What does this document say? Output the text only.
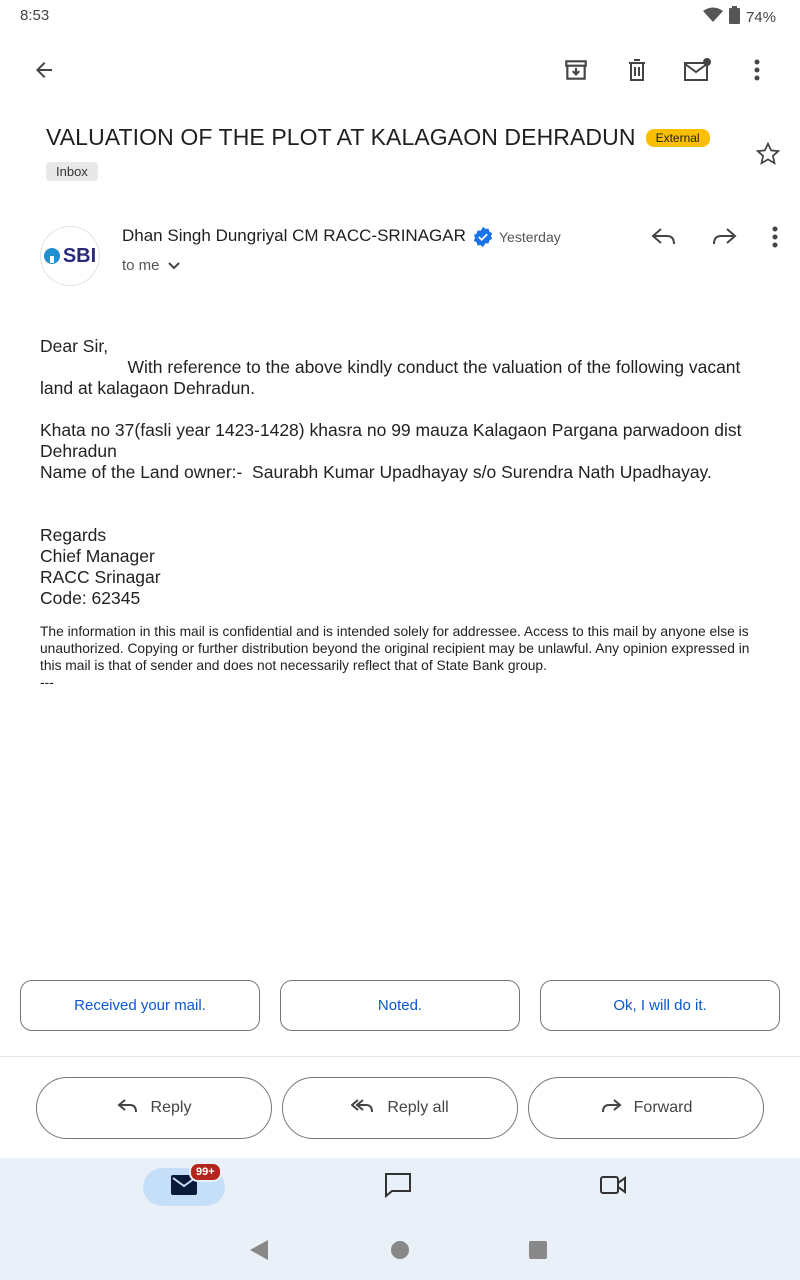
8:53	74%
VALUATION OF THE PLOT AT KALAGAON DEHRADUN	External
Inbox
SBI
Dhan Singh Dungriyal CM RACC-SRINAGAR Yesterday
to me

Dear Sir,

With reference to the above kindly conduct the valuation of the following vacant land at kalagaon Dehradun.

Khata no 37(fasli year 1423-1428) khasra no 99 mauza Kalagaon Pargana parwadoon dist Dehradun

Name of the Land owner:-  Saurabh Kumar Upadhayay s/o Surendra Nath Upadhayay.

Regards

Chief Manager

RACC Srinagar

Code: 62345

The information in this mail is confidential and is intended solely for addressee. Access to this mail by anyone else is unauthorized. Copying or further distribution beyond the original recipient may be unlawful. Any opinion expressed in this mail is that of sender and does not necessarily reflect that of State Bank group.

---

Received your mail.	Noted.	Ok, I will do it.
Reply	Reply all	Forward
99+
